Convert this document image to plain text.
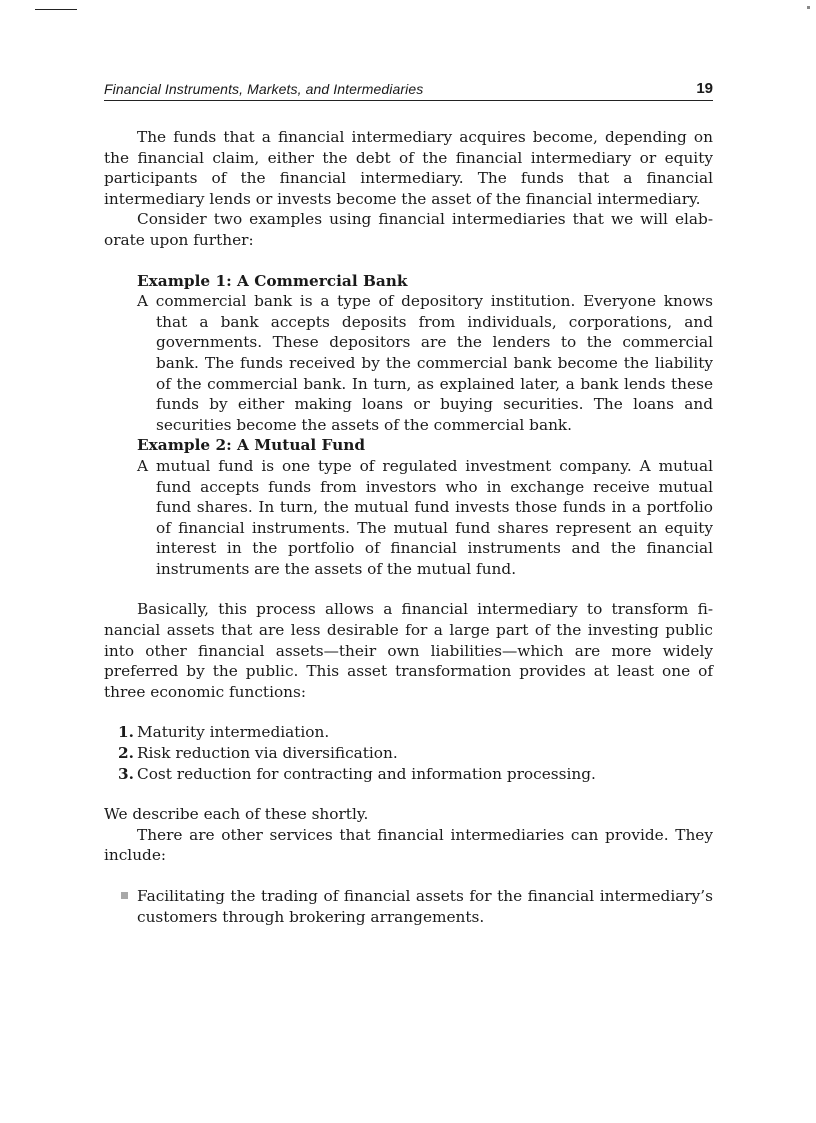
Financial Instruments, Markets, and Intermediaries	19

The funds that a financial intermediary acquires become, depending on the financial claim, either the debt of the financial intermediary or equity participants of the financial intermediary. The funds that a financial intermediary lends or invests become the asset of the financial intermediary.

Consider two examples using financial intermediaries that we will elaborate upon further:

Example 1: A Commercial Bank

A commercial bank is a type of depository institution. Everyone knows that a bank accepts deposits from individuals, corporations, and governments. These depositors are the lenders to the commercial bank. The funds received by the commercial bank become the liability of the commercial bank. In turn, as explained later, a bank lends these funds by either making loans or buying securities. The loans and securities become the assets of the commercial bank.

Example 2: A Mutual Fund

A mutual fund is one type of regulated investment company. A mutual fund accepts funds from investors who in exchange receive mutual fund shares. In turn, the mutual fund invests those funds in a portfolio of financial instruments. The mutual fund shares represent an equity interest in the portfolio of financial instruments and the financial instruments are the assets of the mutual fund.

Basically, this process allows a financial intermediary to transform financial assets that are less desirable for a large part of the investing public into other financial assets—their own liabilities—which are more widely preferred by the public. This asset transformation provides at least one of three economic functions:

1. Maturity intermediation.
2. Risk reduction via diversification.
3. Cost reduction for contracting and information processing.

We describe each of these shortly.

There are other services that financial intermediaries can provide. They include:

Facilitating the trading of financial assets for the financial intermediary’s customers through brokering arrangements.
